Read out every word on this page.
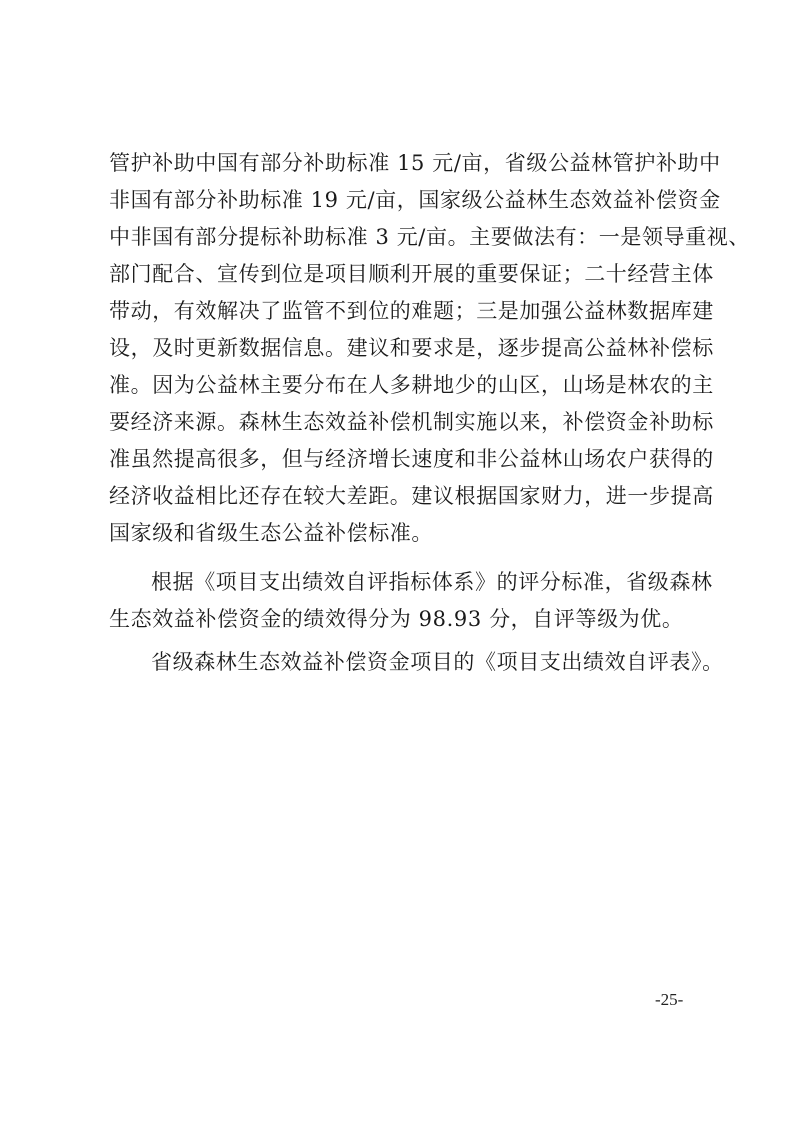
管护补助中国有部分补助标准 15 元/亩，省级公益林管护补助中
非国有部分补助标准 19 元/亩，国家级公益林生态效益补偿资金
中非国有部分提标补助标准 3 元/亩。主要做法有：一是领导重视、
部门配合、宣传到位是项目顺利开展的重要保证；二十经营主体
带动，有效解决了监管不到位的难题；三是加强公益林数据库建
设，及时更新数据信息。建议和要求是，逐步提高公益林补偿标
准。因为公益林主要分布在人多耕地少的山区，山场是林农的主
要经济来源。森林生态效益补偿机制实施以来，补偿资金补助标
准虽然提高很多，但与经济增长速度和非公益林山场农户获得的
经济收益相比还存在较大差距。建议根据国家财力，进一步提高
国家级和省级生态公益补偿标准。
根据《项目支出绩效自评指标体系》的评分标准，省级森林
生态效益补偿资金的绩效得分为 98.93 分，自评等级为优。
省级森林生态效益补偿资金项目的《项目支出绩效自评表》。
-25-
